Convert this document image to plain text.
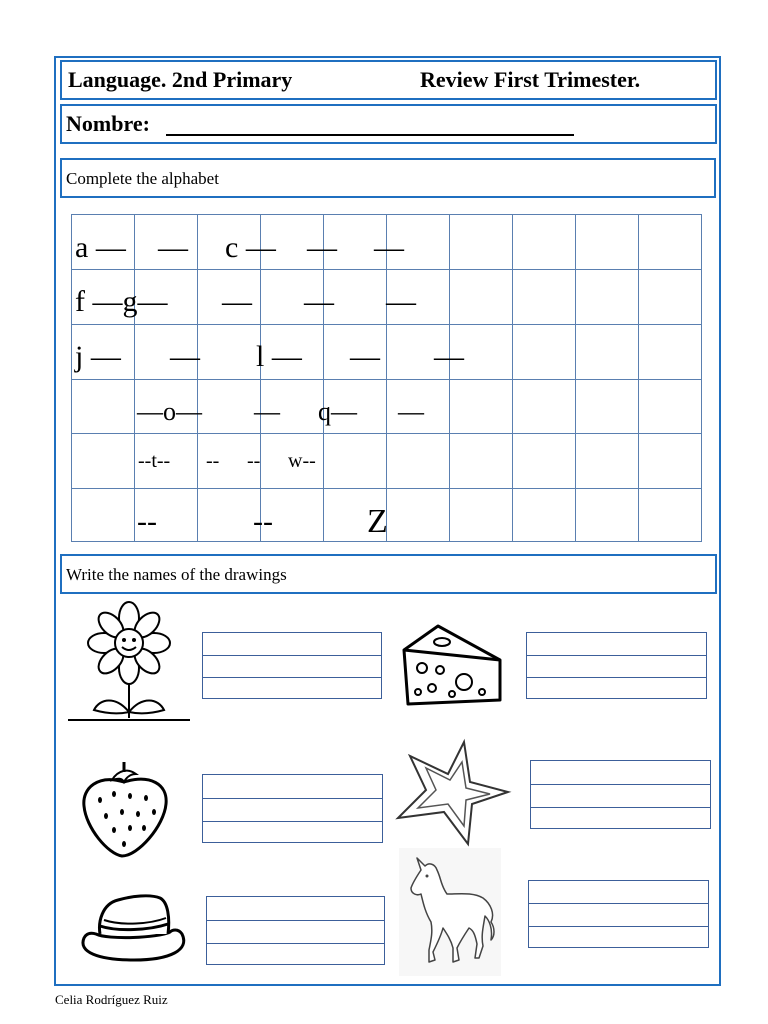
Language. 2nd Primary	Review First Trimester.
Nombre:
Complete the alphabet
a — — c — — —
f —g— — — —
j — — l — — —
—o— — q— —
--t-- -- -- w--
--	--	Z
Write the names of the drawings
Celia Rodríguez Ruiz
